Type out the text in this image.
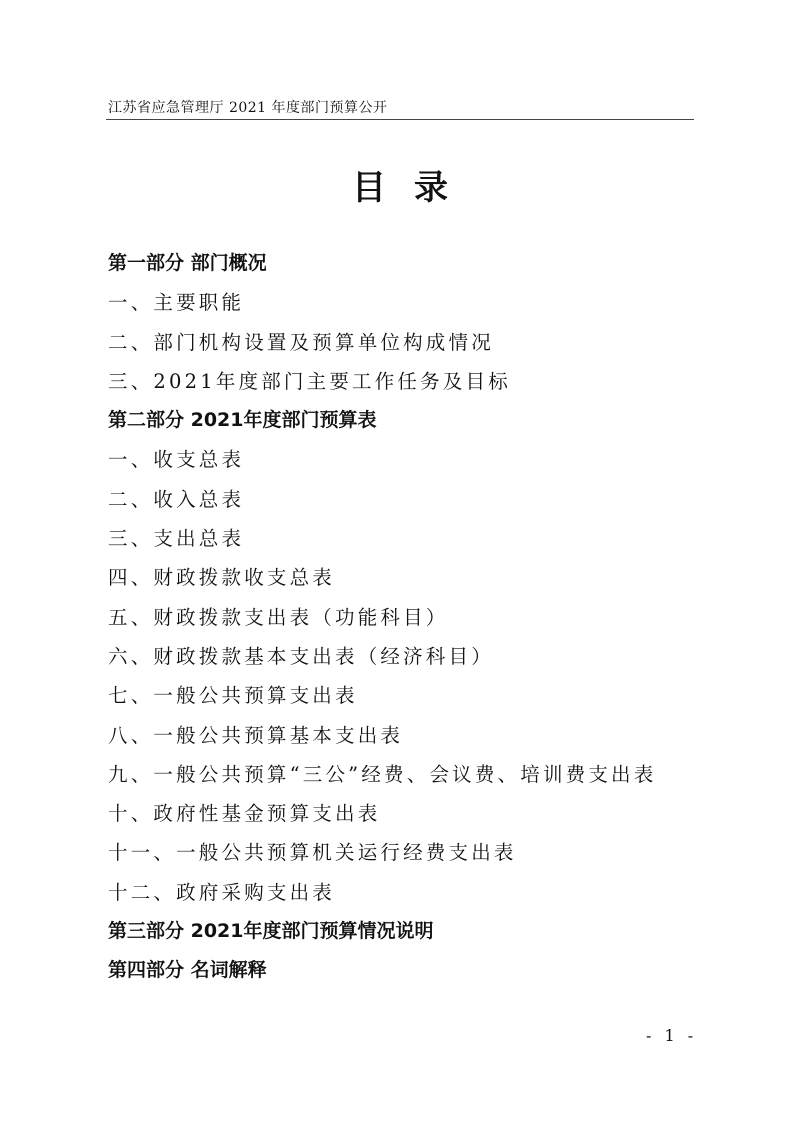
江苏省应急管理厅 2021 年度部门预算公开
目录
第一部分 部门概况
一、主要职能
二、部门机构设置及预算单位构成情况
三、2021年度部门主要工作任务及目标
第二部分 2021年度部门预算表
一、收支总表
二、收入总表
三、支出总表
四、财政拨款收支总表
五、财政拨款支出表（功能科目）
六、财政拨款基本支出表（经济科目）
七、一般公共预算支出表
八、一般公共预算基本支出表
九、一般公共预算“三公”经费、会议费、培训费支出表
十、政府性基金预算支出表
十一、一般公共预算机关运行经费支出表
十二、政府采购支出表
第三部分 2021年度部门预算情况说明
第四部分 名词解释
- 1 -
